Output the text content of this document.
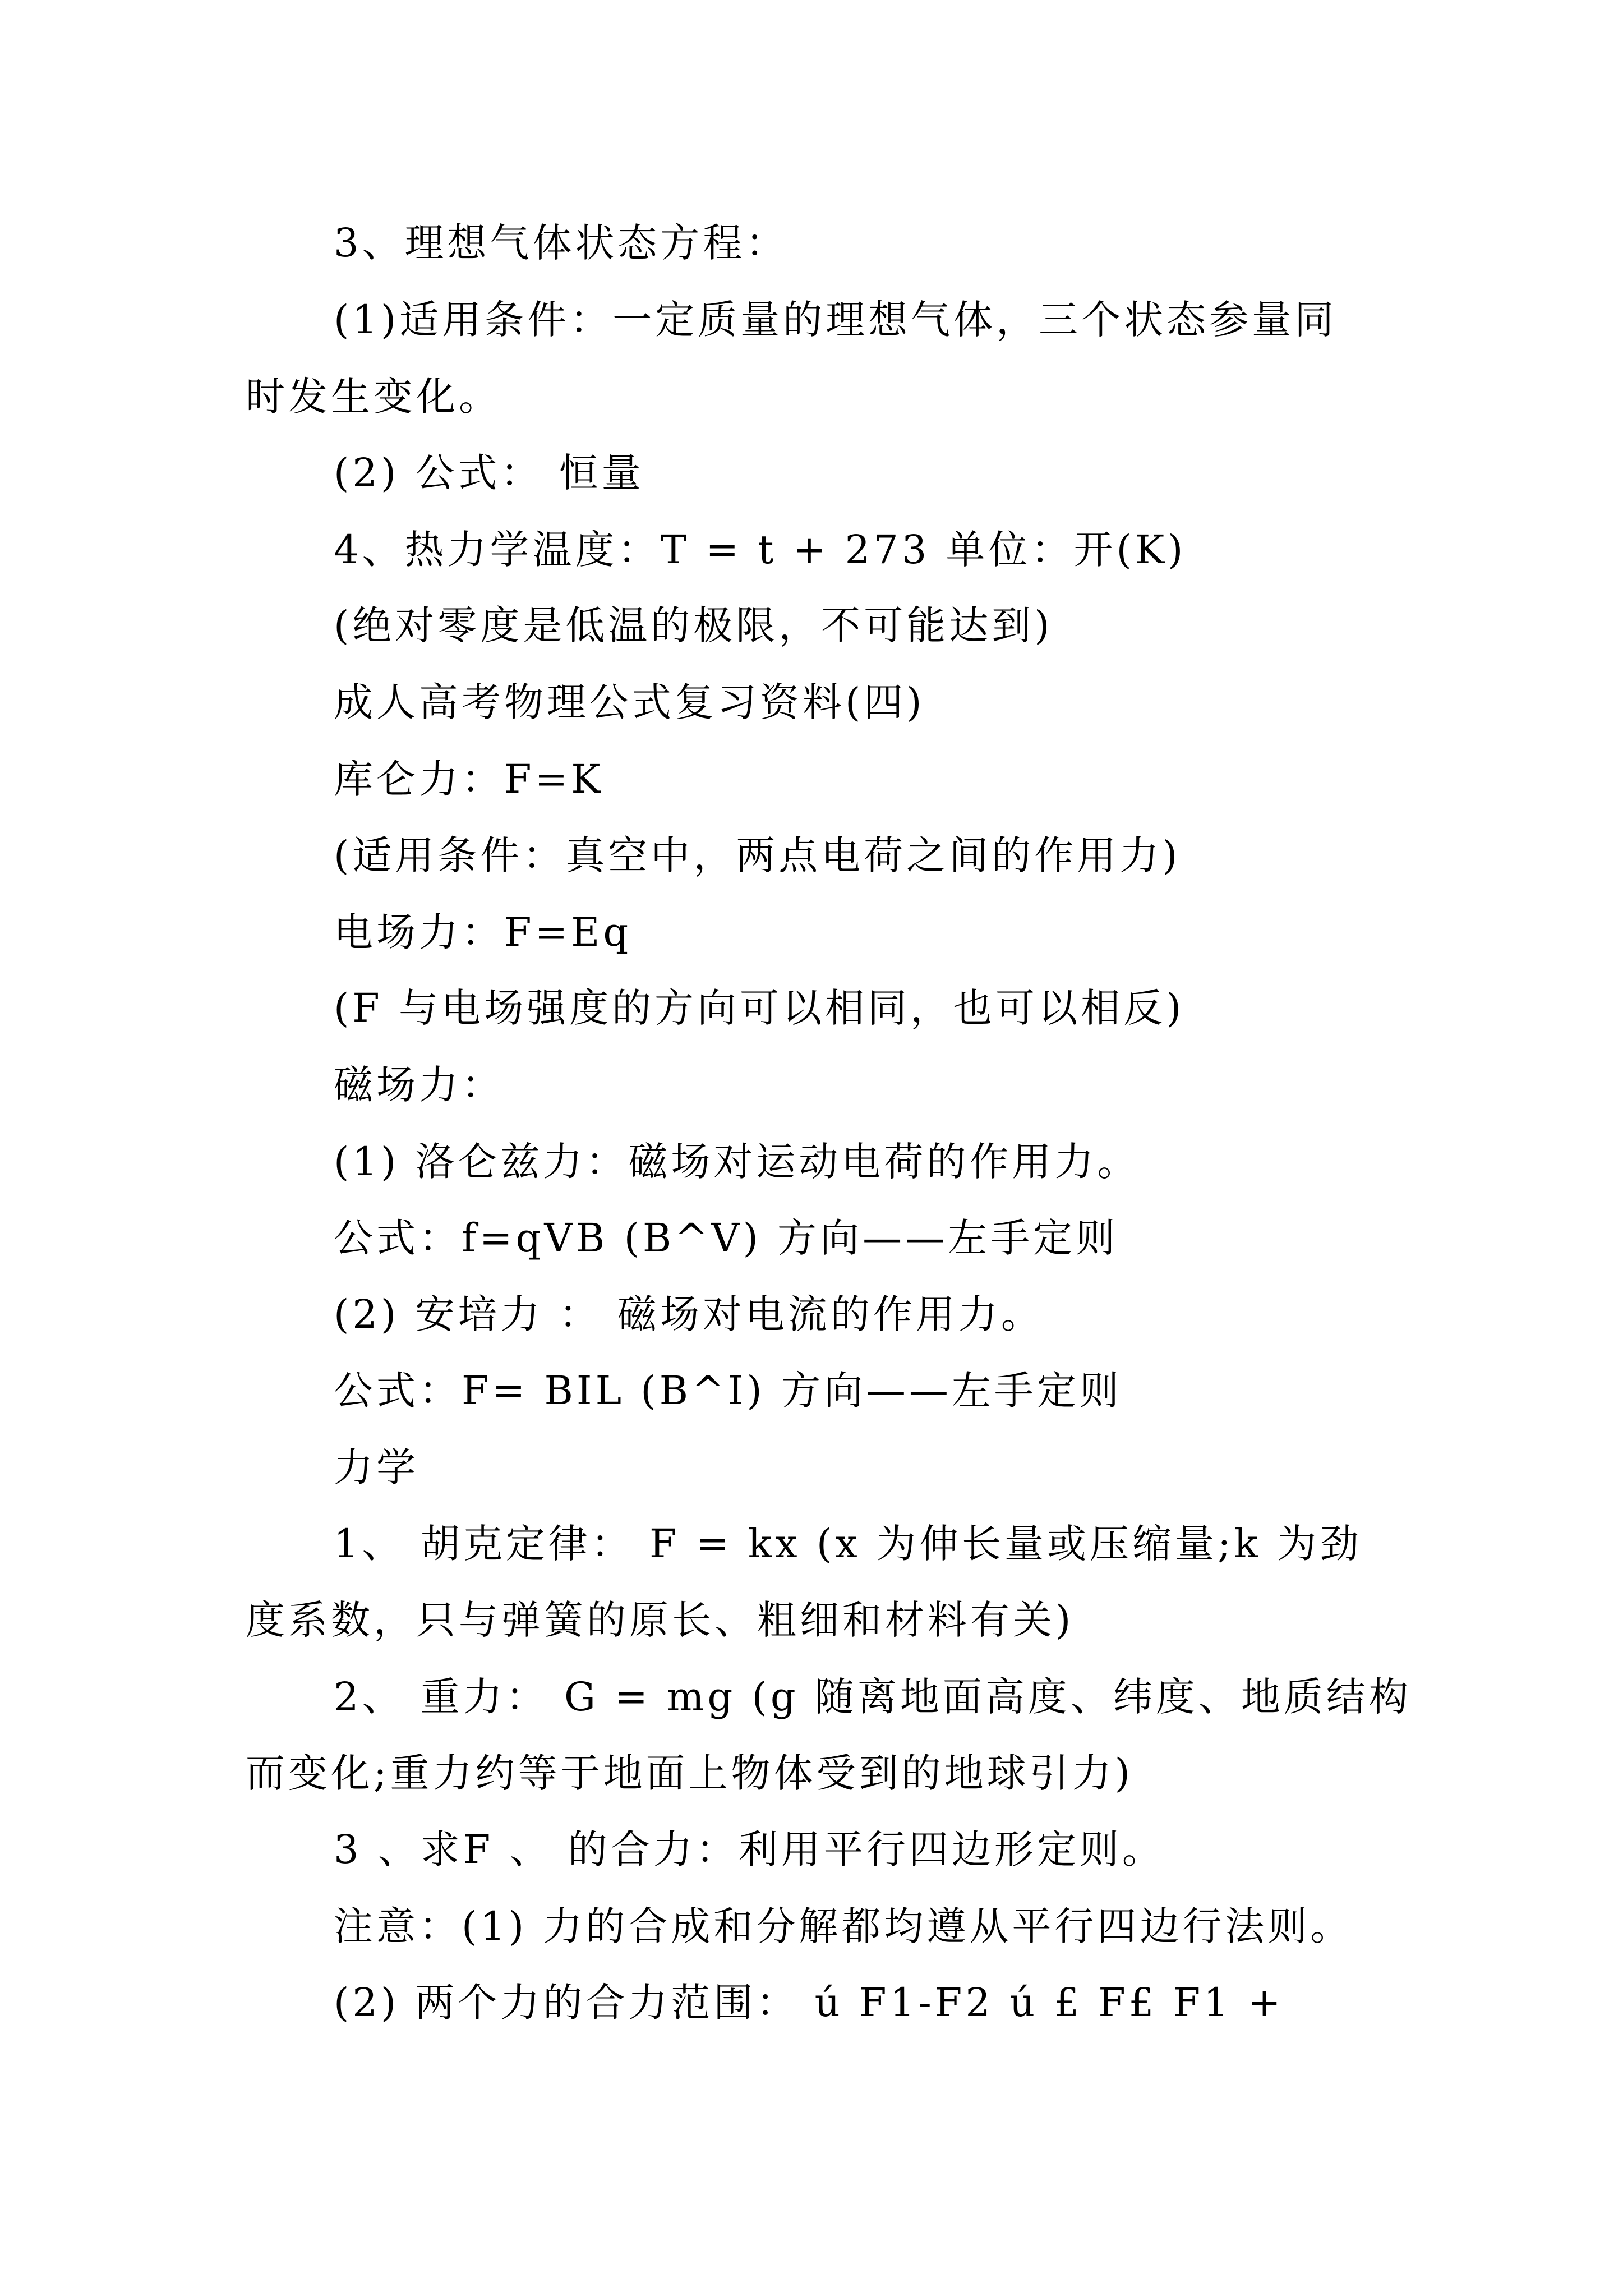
3、理想气体状态方程：
(1)适用条件：一定质量的理想气体，三个状态参量同
时发生变化。
(2) 公式： 恒量
4、热力学温度：T = t + 273 单位：开(K)
(绝对零度是低温的极限，不可能达到)
成人高考物理公式复习资料(四)
库仑力：F=K
(适用条件：真空中，两点电荷之间的作用力)
电场力：F=Eq
(F 与电场强度的方向可以相同，也可以相反)
磁场力：
(1) 洛仑兹力：磁场对运动电荷的作用力。
公式：f=qVB (B^V) 方向——左手定则
(2) 安培力 ： 磁场对电流的作用力。
公式：F= BIL (B^I) 方向——左手定则
力学
1、 胡克定律： F = kx (x 为伸长量或压缩量;k 为劲
度系数，只与弹簧的原长、粗细和材料有关)
2、 重力： G = mg (g 随离地面高度、纬度、地质结构
而变化;重力约等于地面上物体受到的地球引力)
3 、求F 、 的合力：利用平行四边形定则。
注意：(1) 力的合成和分解都均遵从平行四边行法则。
(2) 两个力的合力范围： ú F1-F2 ú £ F£ F1 +
